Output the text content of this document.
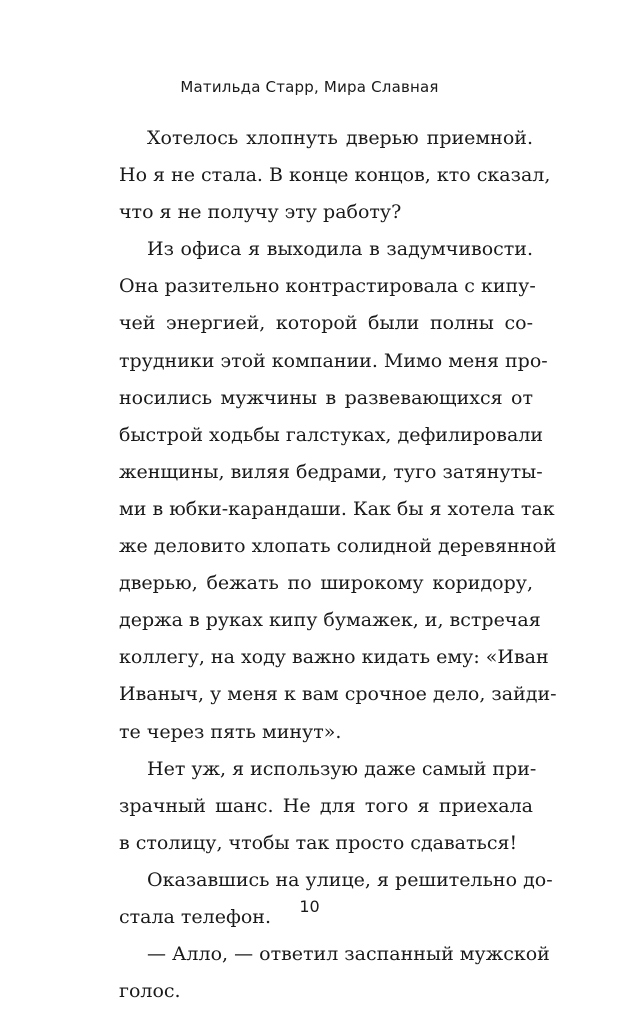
Матильда Старр, Мира Славная
Хотелось хлопнуть дверью приемной.
Но я не стала. В конце концов, кто сказал,
что я не получу эту работу?
Из офиса я выходила в задумчивости.
Она разительно контрастировала с кипу-
чей энергией, которой были полны со-
трудники этой компании. Мимо меня про-
носились мужчины в развевающихся от
быстрой ходьбы галстуках, дефилировали
женщины, виляя бедрами, туго затянуты-
ми в юбки-карандаши. Как бы я хотела так
же деловито хлопать солидной деревянной
дверью, бежать по широкому коридору,
держа в руках кипу бумажек, и, встречая
коллегу, на ходу важно кидать ему: «Иван
Иваныч, у меня к вам срочное дело, зайди-
те через пять минут».
Нет уж, я использую даже самый при-
зрачный шанс. Не для того я приехала
в столицу, чтобы так просто сдаваться!
Оказавшись на улице, я решительно до-
стала телефон.
— Алло, — ответил заспанный мужской
голос.
10
